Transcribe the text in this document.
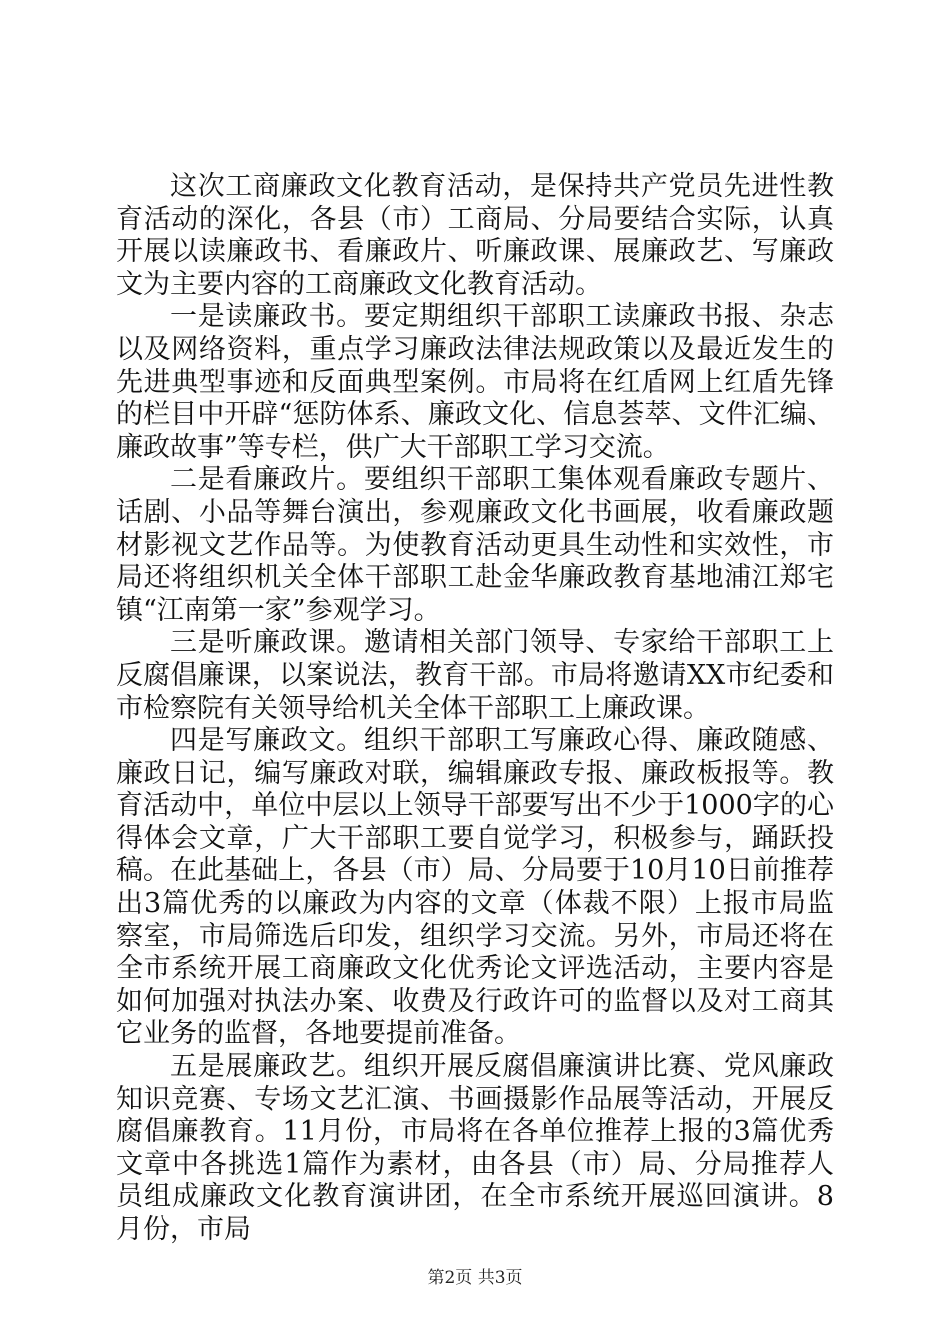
这次工商廉政文化教育活动，是保持共产党员先进性教育活动的深化，各县（市）工商局、分局要结合实际，认真开展以读廉政书、看廉政片、听廉政课、展廉政艺、写廉政文为主要内容的工商廉政文化教育活动。

一是读廉政书。要定期组织干部职工读廉政书报、杂志以及网络资料，重点学习廉政法律法规政策以及最近发生的先进典型事迹和反面典型案例。市局将在红盾网上红盾先锋的栏目中开辟“惩防体系、廉政文化、信息荟萃、文件汇编、廉政故事”等专栏，供广大干部职工学习交流。

二是看廉政片。要组织干部职工集体观看廉政专题片、话剧、小品等舞台演出，参观廉政文化书画展，收看廉政题材影视文艺作品等。为使教育活动更具生动性和实效性，市局还将组织机关全体干部职工赴金华廉政教育基地浦江郑宅镇“江南第一家”参观学习。

三是听廉政课。邀请相关部门领导、专家给干部职工上反腐倡廉课，以案说法，教育干部。市局将邀请XX市纪委和市检察院有关领导给机关全体干部职工上廉政课。

四是写廉政文。组织干部职工写廉政心得、廉政随感、廉政日记，编写廉政对联，编辑廉政专报、廉政板报等。教育活动中，单位中层以上领导干部要写出不少于1000字的心得体会文章，广大干部职工要自觉学习，积极参与，踊跃投稿。在此基础上，各县（市）局、分局要于10月10日前推荐出3篇优秀的以廉政为内容的文章（体裁不限）上报市局监察室，市局筛选后印发，组织学习交流。另外，市局还将在全市系统开展工商廉政文化优秀论文评选活动，主要内容是如何加强对执法办案、收费及行政许可的监督以及对工商其它业务的监督，各地要提前准备。

五是展廉政艺。组织开展反腐倡廉演讲比赛、党风廉政知识竞赛、专场文艺汇演、书画摄影作品展等活动，开展反腐倡廉教育。11月份，市局将在各单位推荐上报的3篇优秀文章中各挑选1篇作为素材，由各县（市）局、分局推荐人员组成廉政文化教育演讲团，在全市系统开展巡回演讲。8月份，市局

第2页 共3页
